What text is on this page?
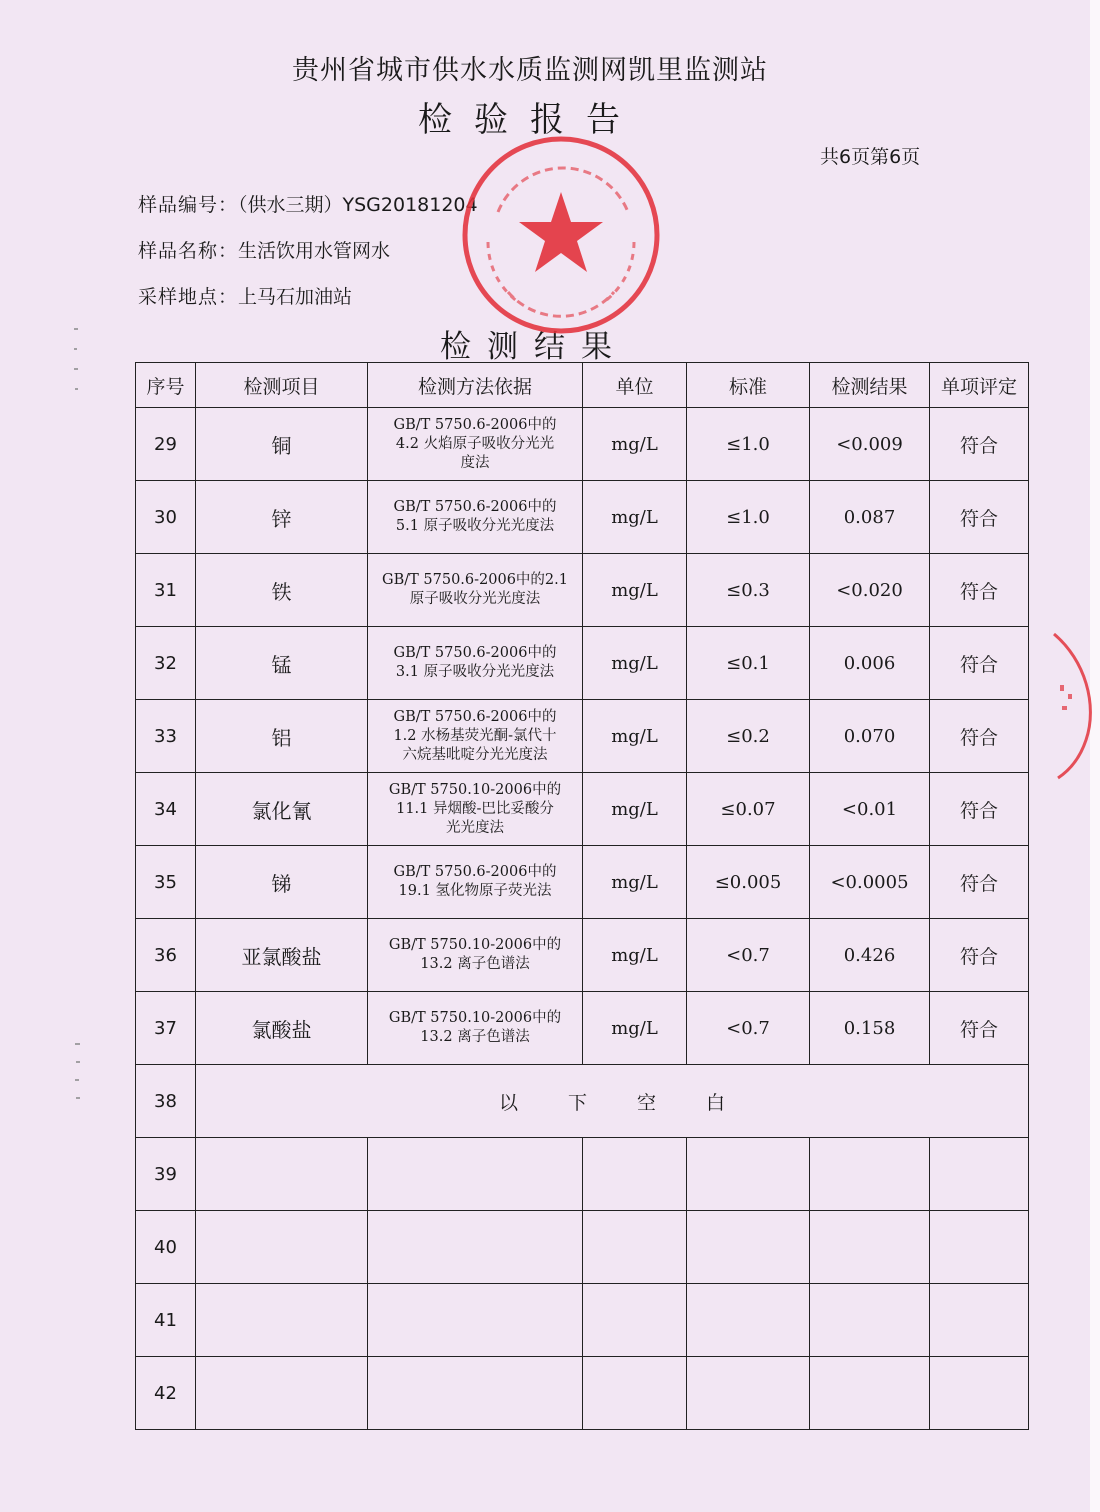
贵州省城市供水水质监测网凯里监测站
检验报告
共6页第6页
样品编号：（供水三期）YSG20181204
样品名称：生活饮用水管网水
采样地点：上马石加油站
检测结果
序号	检测项目	检测方法依据	单位	标准	检测结果	单项评定
29	铜	GB/T 5750.6-2006中的
4.2 火焰原子吸收分光光
度法	mg/L	≤1.0	<0.009	符合
30	锌	GB/T 5750.6-2006中的
5.1 原子吸收分光光度法	mg/L	≤1.0	0.087	符合
31	铁	GB/T 5750.6-2006中的2.1
原子吸收分光光度法	mg/L	≤0.3	<0.020	符合
32	锰	GB/T 5750.6-2006中的
3.1 原子吸收分光光度法	mg/L	≤0.1	0.006	符合
33	铝	GB/T 5750.6-2006中的
1.2 水杨基荧光酮-氯代十
六烷基吡啶分光光度法	mg/L	≤0.2	0.070	符合
34	氯化氰	GB/T 5750.10-2006中的
11.1 异烟酸-巴比妥酸分
光光度法	mg/L	≤0.07	<0.01	符合
35	锑	GB/T 5750.6-2006中的
19.1 氢化物原子荧光法	mg/L	≤0.005	<0.0005	符合
36	亚氯酸盐	GB/T 5750.10-2006中的
13.2 离子色谱法	mg/L	<0.7	0.426	符合
37	氯酸盐	GB/T 5750.10-2006中的
13.2 离子色谱法	mg/L	<0.7	0.158	符合
38	以下空白					
39						
40						
41						
42						
